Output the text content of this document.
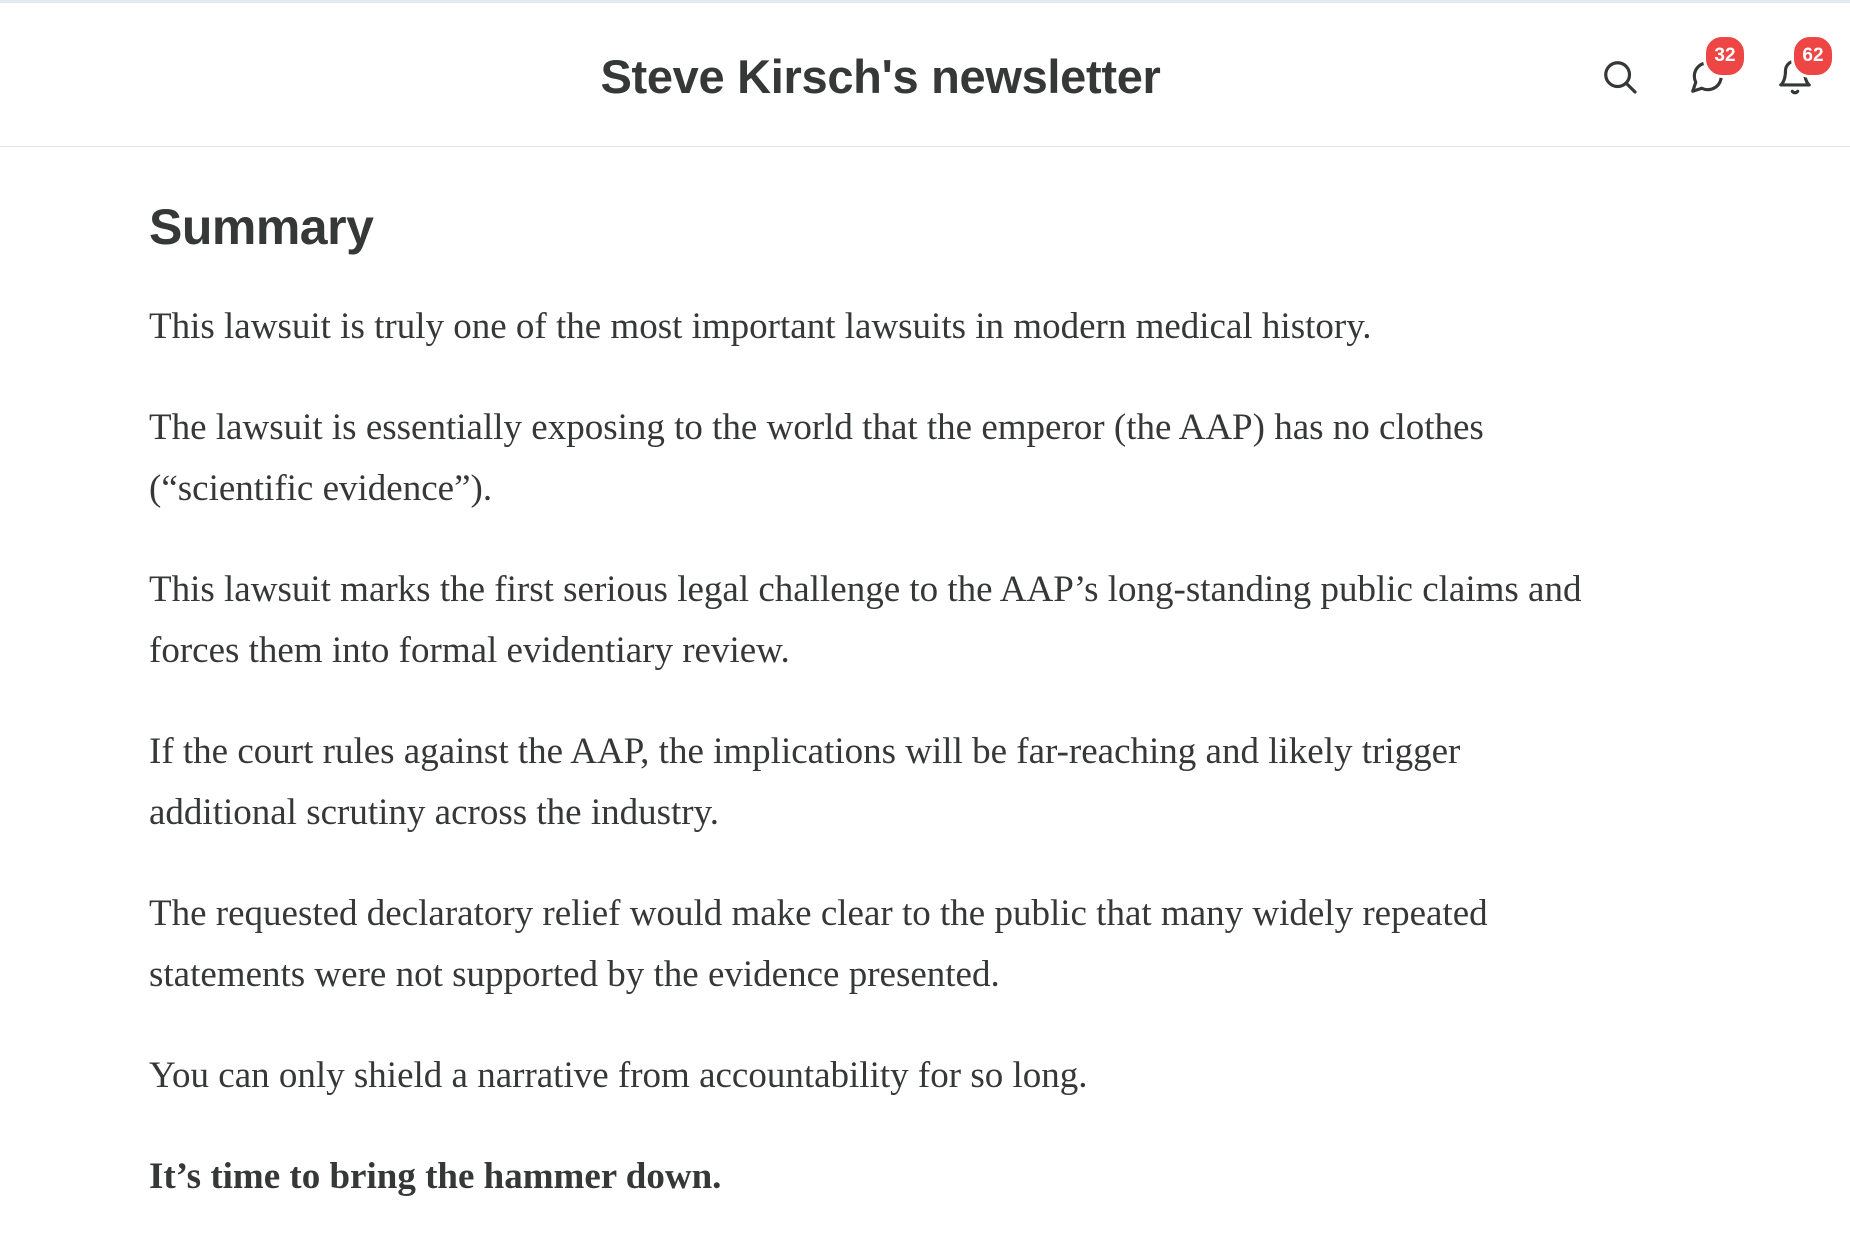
Steve Kirsch's newsletter	32	62
Summary

This lawsuit is truly one of the most important lawsuits in modern medical history.

The lawsuit is essentially exposing to the world that the emperor (the AAP) has no clothes (“scientific evidence”).

This lawsuit marks the first serious legal challenge to the AAP’s long-standing public claims and forces them into formal evidentiary review.

If the court rules against the AAP, the implications will be far-reaching and likely trigger additional scrutiny across the industry.

The requested declaratory relief would make clear to the public that many widely repeated statements were not supported by the evidence presented.

You can only shield a narrative from accountability for so long.

It’s time to bring the hammer down.
